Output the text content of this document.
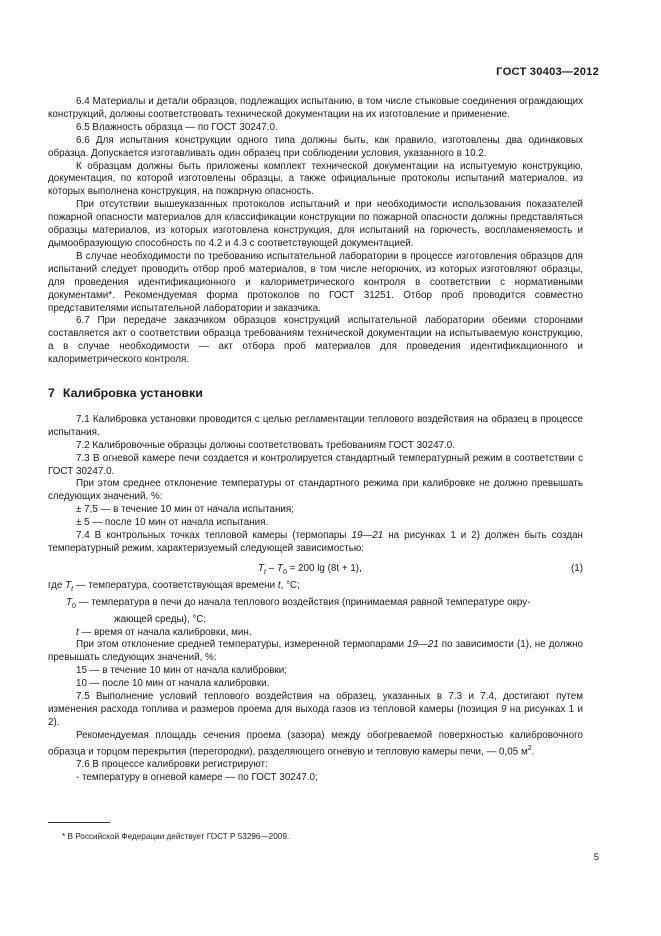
ГОСТ 30403—2012

6.4 Материалы и детали образцов, подлежащих испытанию, в том числе стыковые соединения ограждающих конструкций, должны соответствовать технической документации на их изготовление и применение.

6.5 Влажность образца — по ГОСТ 30247.0.

6.6 Для испытания конструкции одного типа должны быть, как правило, изготовлены два одинаковых образца. Допускается изготавливать один образец при соблюдении условия, указанного в 10.2.

К образцам должны быть приложены комплект технической документации на испытуемую конструкцию, документация, по которой изготовлены образцы, а также официальные протоколы испытаний материалов, из которых выполнена конструкция, на пожарную опасность.

При отсутствии вышеуказанных протоколов испытаний и при необходимости использования показателей пожарной опасности материалов для классификации конструкции по пожарной опасности должны представляться образцы материалов, из которых изготовлена конструкция, для испытаний на горючесть, воспламеняемость и дымообразующую способность по 4.2 и 4.3 с соответствующей документацией.

В случае необходимости по требованию испытательной лаборатории в процессе изготовления образцов для испытаний следует проводить отбор проб материалов, в том числе негорючих, из которых изготовляют образцы, для проведения идентификационного и калориметрического контроля в соответствии с нормативными документами*. Рекомендуемая форма протоколов по ГОСТ 31251. Отбор проб проводится совместно представителями испытательной лаборатории и заказчика.

6.7 При передаче заказчиком образцов конструкций испытательной лаборатории обеими сторонами составляется акт о соответствии образца требованиям технической документации на испытываемую конструкцию, а в случае необходимости — акт отбора проб материалов для проведения идентификационного и калориметрического контроля.

7 Калибровка установки

7.1 Калибровка установки проводится с целью регламентации теплового воздействия на образец в процессе испытания.

7.2 Калибровочные образцы должны соответствовать требованиям ГОСТ 30247.0.

7.3 В огневой камере печи создается и контролируется стандартный температурный режим в соответствии с ГОСТ 30247.0.

При этом среднее отклонение температуры от стандартного режима при калибровке не должно превышать следующих значений, %:

± 7,5 — в течение 10 мин от начала испытания;

± 5 — после 10 мин от начала испытания.

7.4 В контрольных точках тепловой камеры (термопары 19—21 на рисунках 1 и 2) должен быть создан температурный режим, характеризуемый следующей зависимостью:

$T_t - T_0 = 200$ lg (8t + 1),	(1)

где $T_t$ — температура, соответствующая времени t, °С;

$T_0$ — температура в печи до начала теплового воздействия (принимаемая равной температуре окру-
жающей среды), °С;

t — время от начала калибровки, мин.

При этом отклонение средней температуры, измеренной термопарами 19—21 по зависимости (1), не должно превышать следующих значений, %:

15 — в течение 10 мин от начала калибровки;

10 — после 10 мин от начала калибровки.

7.5 Выполнение условий теплового воздействия на образец, указанных в 7.3 и 7.4, достигают путем изменения расхода топлива и размеров проема для выхода газов из тепловой камеры (позиция 9 на рисунках 1 и 2).

Рекомендуемая площадь сечения проема (зазора) между обогреваемой поверхностью калибровочного образца и торцом перекрытия (перегородки), разделяющего огневую и тепловую камеры печи, — 0,05 $м^2$.

7.6 В процессе калибровки регистрируют:

- температуру в огневой камере — по ГОСТ 30247.0;

* В Российской Федерации действует ГОСТ Р 53296—2009.
5
